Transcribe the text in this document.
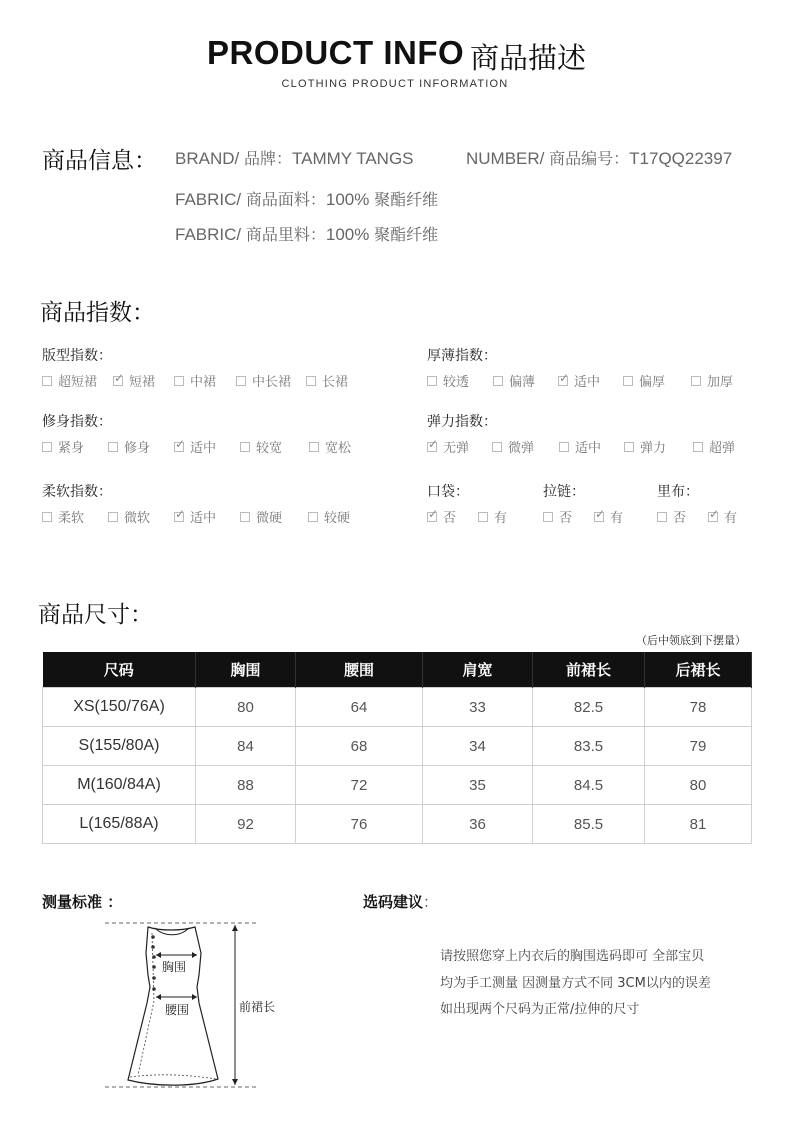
PRODUCT INFO 商品描述
CLOTHING PRODUCT INFORMATION
商品信息： BRAND/ 品牌：TAMMY TANGS	NUMBER/ 商品编号：T17QQ22397
FABRIC/ 商品面料：100% 聚酯纤维
FABRIC/ 商品里料：100% 聚酯纤维
商品指数：
版型指数：
超短裙 ✓ 短裙	中裙	中长裙 长裙
厚薄指数：
较透	偏薄 ✓	适中	偏厚	加厚
修身指数：
紧身	修身 ✓	适中	较宽	宽松
弹力指数：
✓
无弹	微弹	适中	弹力	超弹
柔软指数：
柔软	微软 ✓	适中	微硬	较硬
口袋：
✓
否	有
拉链：
否 ✓	有
里布：
否 ✓	有
商品尺寸：
（后中领底到下摆量）
尺码	胸围	腰围	肩宽	前裙长	后裙长
XS(150/76A)	80	64	33	82.5	78
S(155/80A)	84	68	34	83.5	79
M(160/84A)	88	72	35	84.5	80
L(165/88A)	92	76	36	85.5	81
测量标准 ：
胸围
腰围	前裙长
选码建议：
请按照您穿上内衣后的胸围选码即可 全部宝贝
均为手工测量 因测量方式不同 3CM以内的误差
如出现两个尺码为正常/拉伸的尺寸
